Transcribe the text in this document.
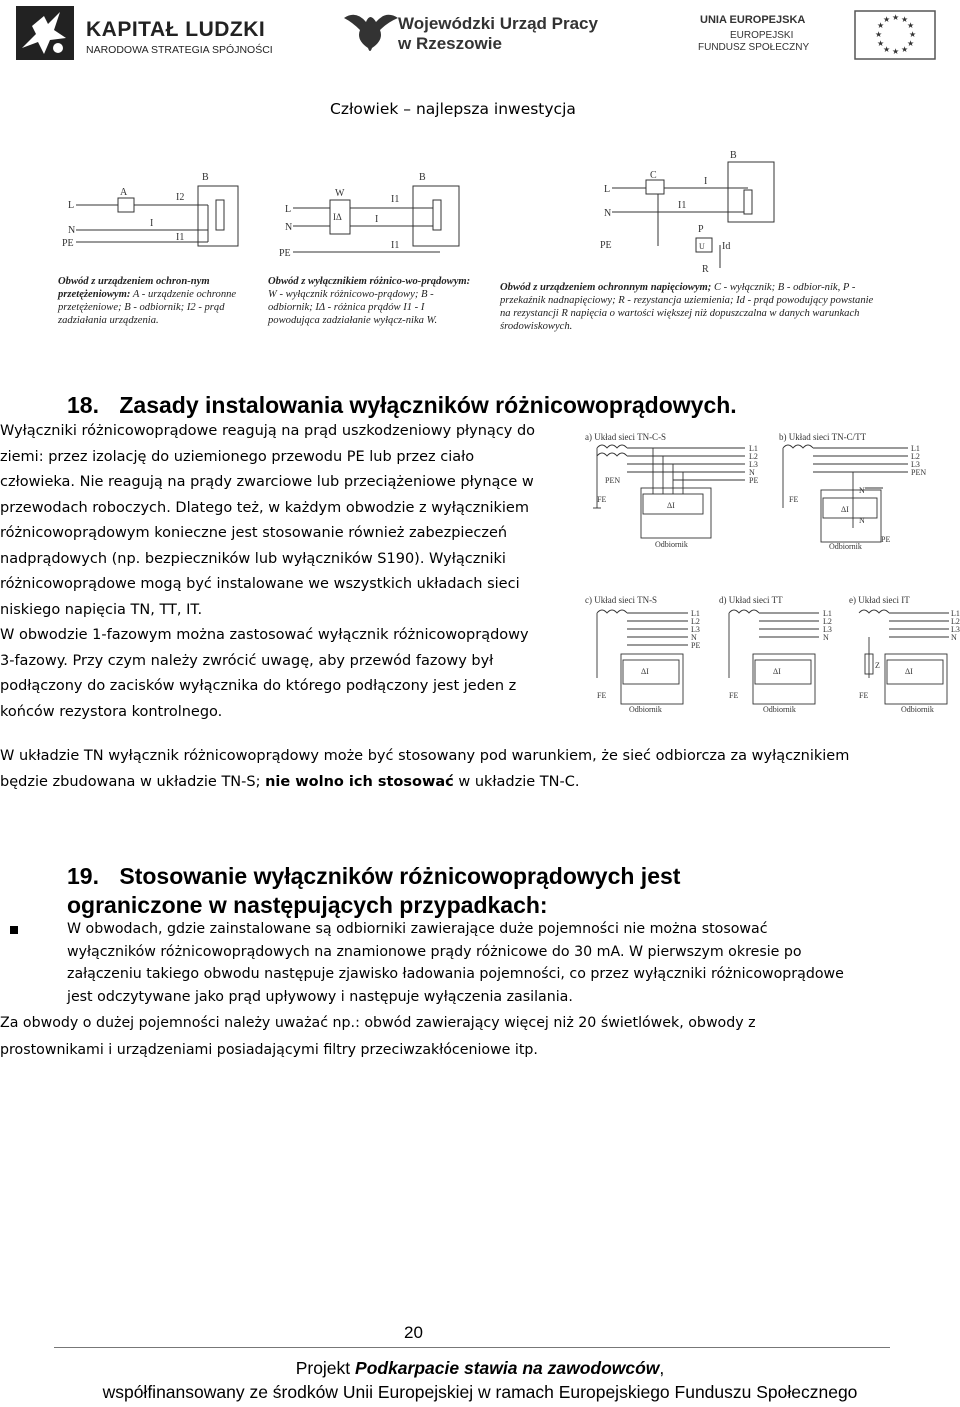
KAPITAŁ LUDZKI
NARODOWA STRATEGIA SPÓJNOŚCI
Wojewódzki Urząd Pracy
w Rzeszowie
UNIA EUROPEJSKA
EUROPEJSKI
FUNDUSZ SPOŁECZNY
★ ★
★
★
★
★
★
★
★
★
★
★
Człowiek – najlepsza inwestycja
L
N
PE
A
B
I2
I
I1
L
N
PE
W
B
IΔ
I1
I
I1
L
N
PE
C
B
I
I1
P
U Id
R
Obwód z urządzeniem ochron-nym przetężeniowym: A - urządzenie ochronne przetężeniowe; B - odbiornik; I2 - prąd zadziałania urządzenia.
Obwód z wyłącznikiem różnico-wo-prądowym: W - wyłącznik różnicowo-prądowy; B - odbiornik; IΔ - różnica prądów I1 - I powodująca zadziałanie wyłącz-nika W.
Obwód z urządzeniem ochronnym napięciowym; C - wyłącznik; B - odbior-nik, P - przekaźnik nadnapięciowy; R - rezystancja uziemienia; Id - prąd powodujący powstanie na rezystancji R napięcia o wartości większej niż dopuszczalna w danych warunkach środowiskowych.
18. Zasady instalowania wyłączników różnicowoprądowych.
Wyłączniki różnicowoprądowe reagują na prąd uszkodzeniowy płynący do
ziemi: przez izolację do uziemionego przewodu PE lub przez ciało
człowieka. Nie reagują na prądy zwarciowe lub przeciążeniowe płynące w
przewodach roboczych. Dlatego też, w każdym obwodzie z wyłącznikiem
różnicowoprądowym konieczne jest stosowanie również zabezpieczeń
nadprądowych (np. bezpieczników lub wyłączników S190). Wyłączniki
różnicowoprądowe mogą być instalowane we wszystkich układach sieci
niskiego napięcia TN, TT, IT.
W obwodzie 1-fazowym można zastosować wyłącznik różnicowoprądowy
3-fazowy. Przy czym należy zwrócić uwagę, aby przewód fazowy był
podłączony do zacisków wyłącznika do którego podłączony jest jeden z
końców rezystora kontrolnego.
a) Układ sieci TN-C-S
L1
L2
L3
N
PE
PEN
FE
ΔI
Odbiornik
b) Układ sieci TN-C/TT
L1
L2
L3
PEN
N
N
FE
ΔI
PE
Odbiornik
c) Układ sieci TN-S
L1
L2
L3
N
PE
FE
ΔI
Odbiornik
d) Układ sieci TT
L1
L2
L3
N
FE
ΔI
Odbiornik
e) Układ sieci IT
L1
L2
L3
N
Z
FE
ΔI
Odbiornik
W układzie TN wyłącznik różnicowoprądowy może być stosowany pod warunkiem, że sieć odbiorcza za wyłącznikiem
będzie zbudowana w układzie TN-S; nie wolno ich stosować w układzie TN-C.
19. Stosowanie wyłączników różnicowoprądowych jest
ograniczone w następujących przypadkach:
W obwodach, gdzie zainstalowane są odbiorniki zawierające duże pojemności nie można stosować
wyłączników różnicowoprądowych na znamionowe prądy różnicowe do 30 mA. W pierwszym okresie po
załączeniu takiego obwodu następuje zjawisko ładowania pojemności, co przez wyłączniki różnicowoprądowe
jest odczytywane jako prąd upływowy i następuje wyłączenia zasilania.
Za obwody o dużej pojemności należy uważać np.: obwód zawierający więcej niż 20 świetlówek, obwody z
prostownikami i urządzeniami posiadającymi filtry przeciwzakłóceniowe itp.
20
Projekt Podkarpacie stawia na zawodowców,
współfinansowany ze środków Unii Europejskiej w ramach Europejskiego Funduszu Społecznego
